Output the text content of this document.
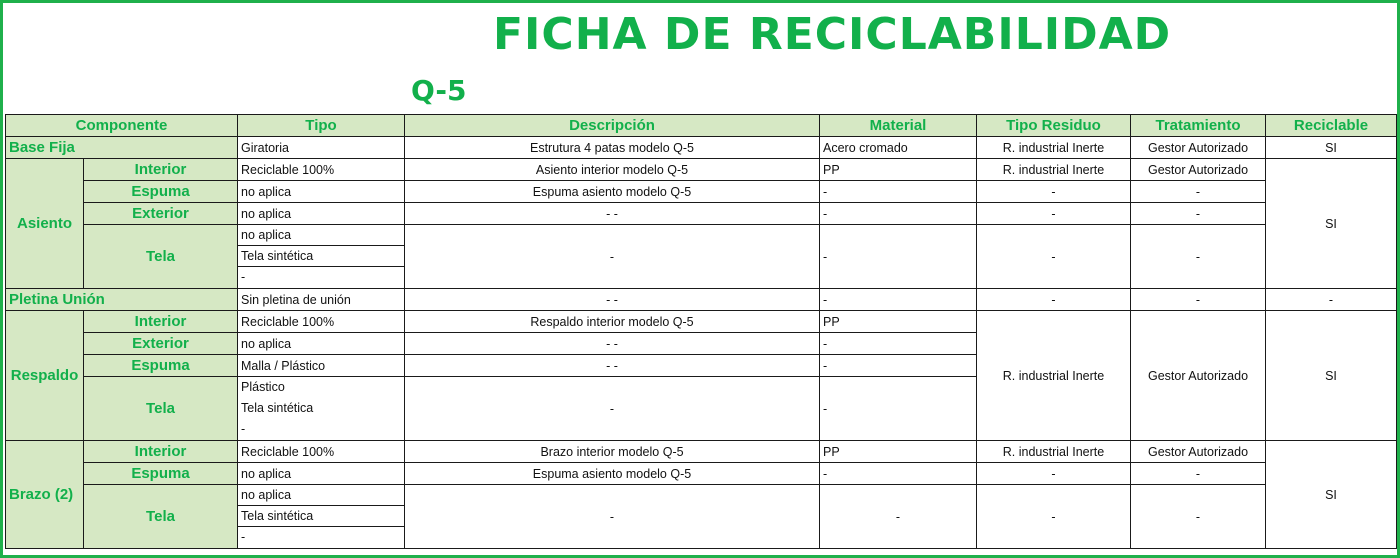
FICHA DE RECICLABILIDAD
Q-5
Componente		Tipo	Descripción	Material	Tipo Residuo	Tratamiento	Reciclable
Base Fija		Giratoria	Estrutura 4 patas modelo Q-5	Acero cromado	R. industrial Inerte	Gestor Autorizado	SI
Asiento	Interior	Reciclable 100%	Asiento interior modelo Q-5	PP	R. industrial Inerte	Gestor Autorizado	SI
	Espuma	no aplica	Espuma asiento modelo Q-5	-	-	-	
	Exterior	no aplica	- -	-	-	-	
	Tela	no aplica
Tela sintética
-	-	-	-	-	
Pletina Unión		Sin pletina de unión	- -	-	-	-	-
Respaldo	Interior	Reciclable 100%	Respaldo interior modelo Q-5	PP	R. industrial Inerte	Gestor Autorizado	SI
	Exterior	no aplica	- -	-			
	Espuma	Malla / Plástico	- -	-			
	Tela	Plástico
Tela sintética
-	-	-			
Brazo (2)	Interior	Reciclable 100%	Brazo interior modelo Q-5	PP	R. industrial Inerte	Gestor Autorizado	SI
	Espuma	no aplica	Espuma asiento modelo Q-5	-	-	-	
	Tela	no aplica
Tela sintética
-	-	-	-	-	
